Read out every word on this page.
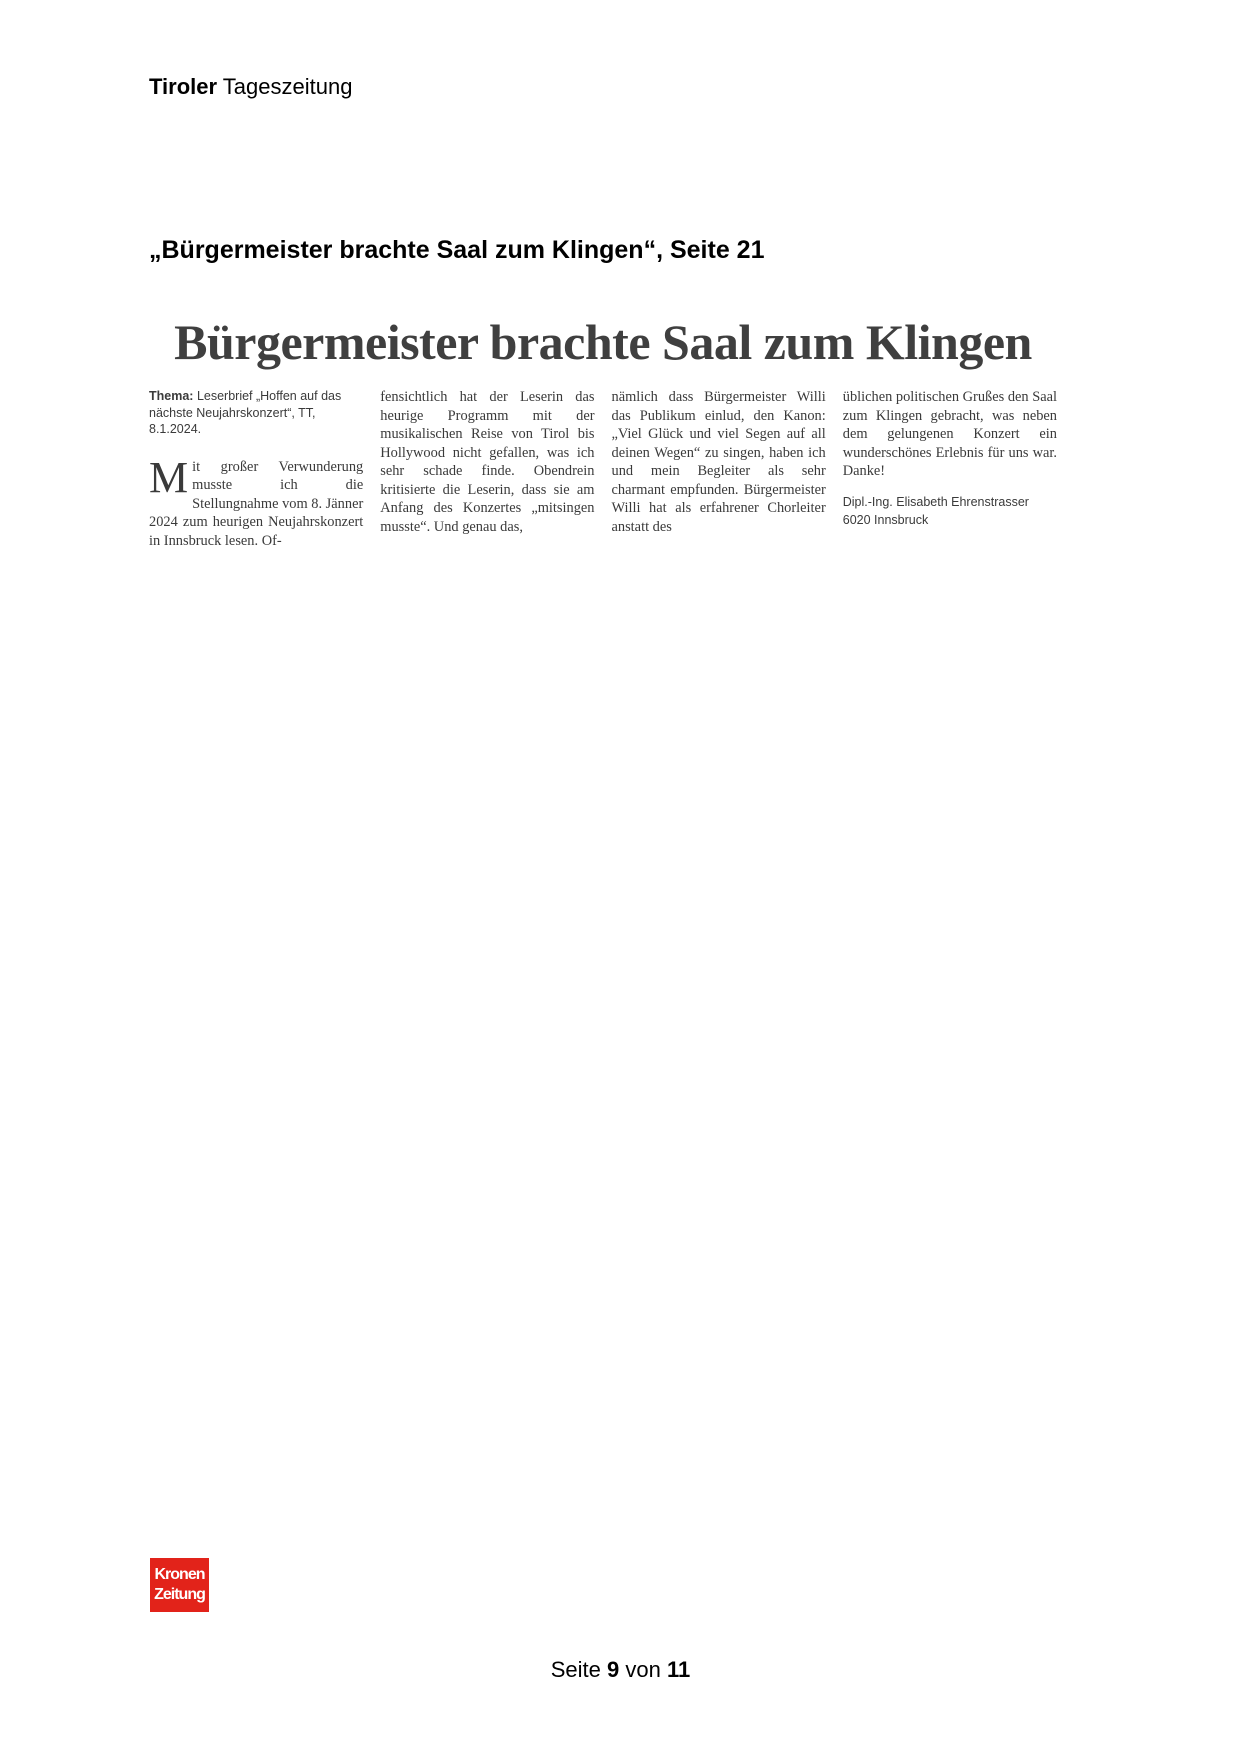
Tiroler Tageszeitung
„Bürgermeister brachte Saal zum Klingen“, Seite 21
Bürgermeister brachte Saal zum Klingen
Thema: Leserbrief „Hoffen auf das nächste Neujahrskonzert“, TT, 8.1.2024.
Mit großer Verwunderung musste ich die Stellungnahme vom 8. Jänner 2024 zum heurigen Neujahrskonzert in Innsbruck lesen. Of-
fensichtlich hat der Leserin das heurige Programm mit der musikalischen Reise von Tirol bis Hollywood nicht gefallen, was ich sehr schade finde. Obendrein kritisierte die Leserin, dass sie am Anfang des Konzertes „mitsingen musste“. Und genau das,
nämlich dass Bürgermeister Willi das Publikum einlud, den Kanon: „Viel Glück und viel Segen auf all deinen Wegen“ zu singen, haben ich und mein Begleiter als sehr charmant empfunden. Bürgermeister Willi hat als erfahrener Chorleiter anstatt des
üblichen politischen Grußes den Saal zum Klingen gebracht, was neben dem gelungenen Konzert ein wunderschönes Erlebnis für uns war. Danke!
Dipl.-Ing. Elisabeth Ehrenstrasser
6020 Innsbruck
Kronen
Zeitung
Seite 9 von 11
